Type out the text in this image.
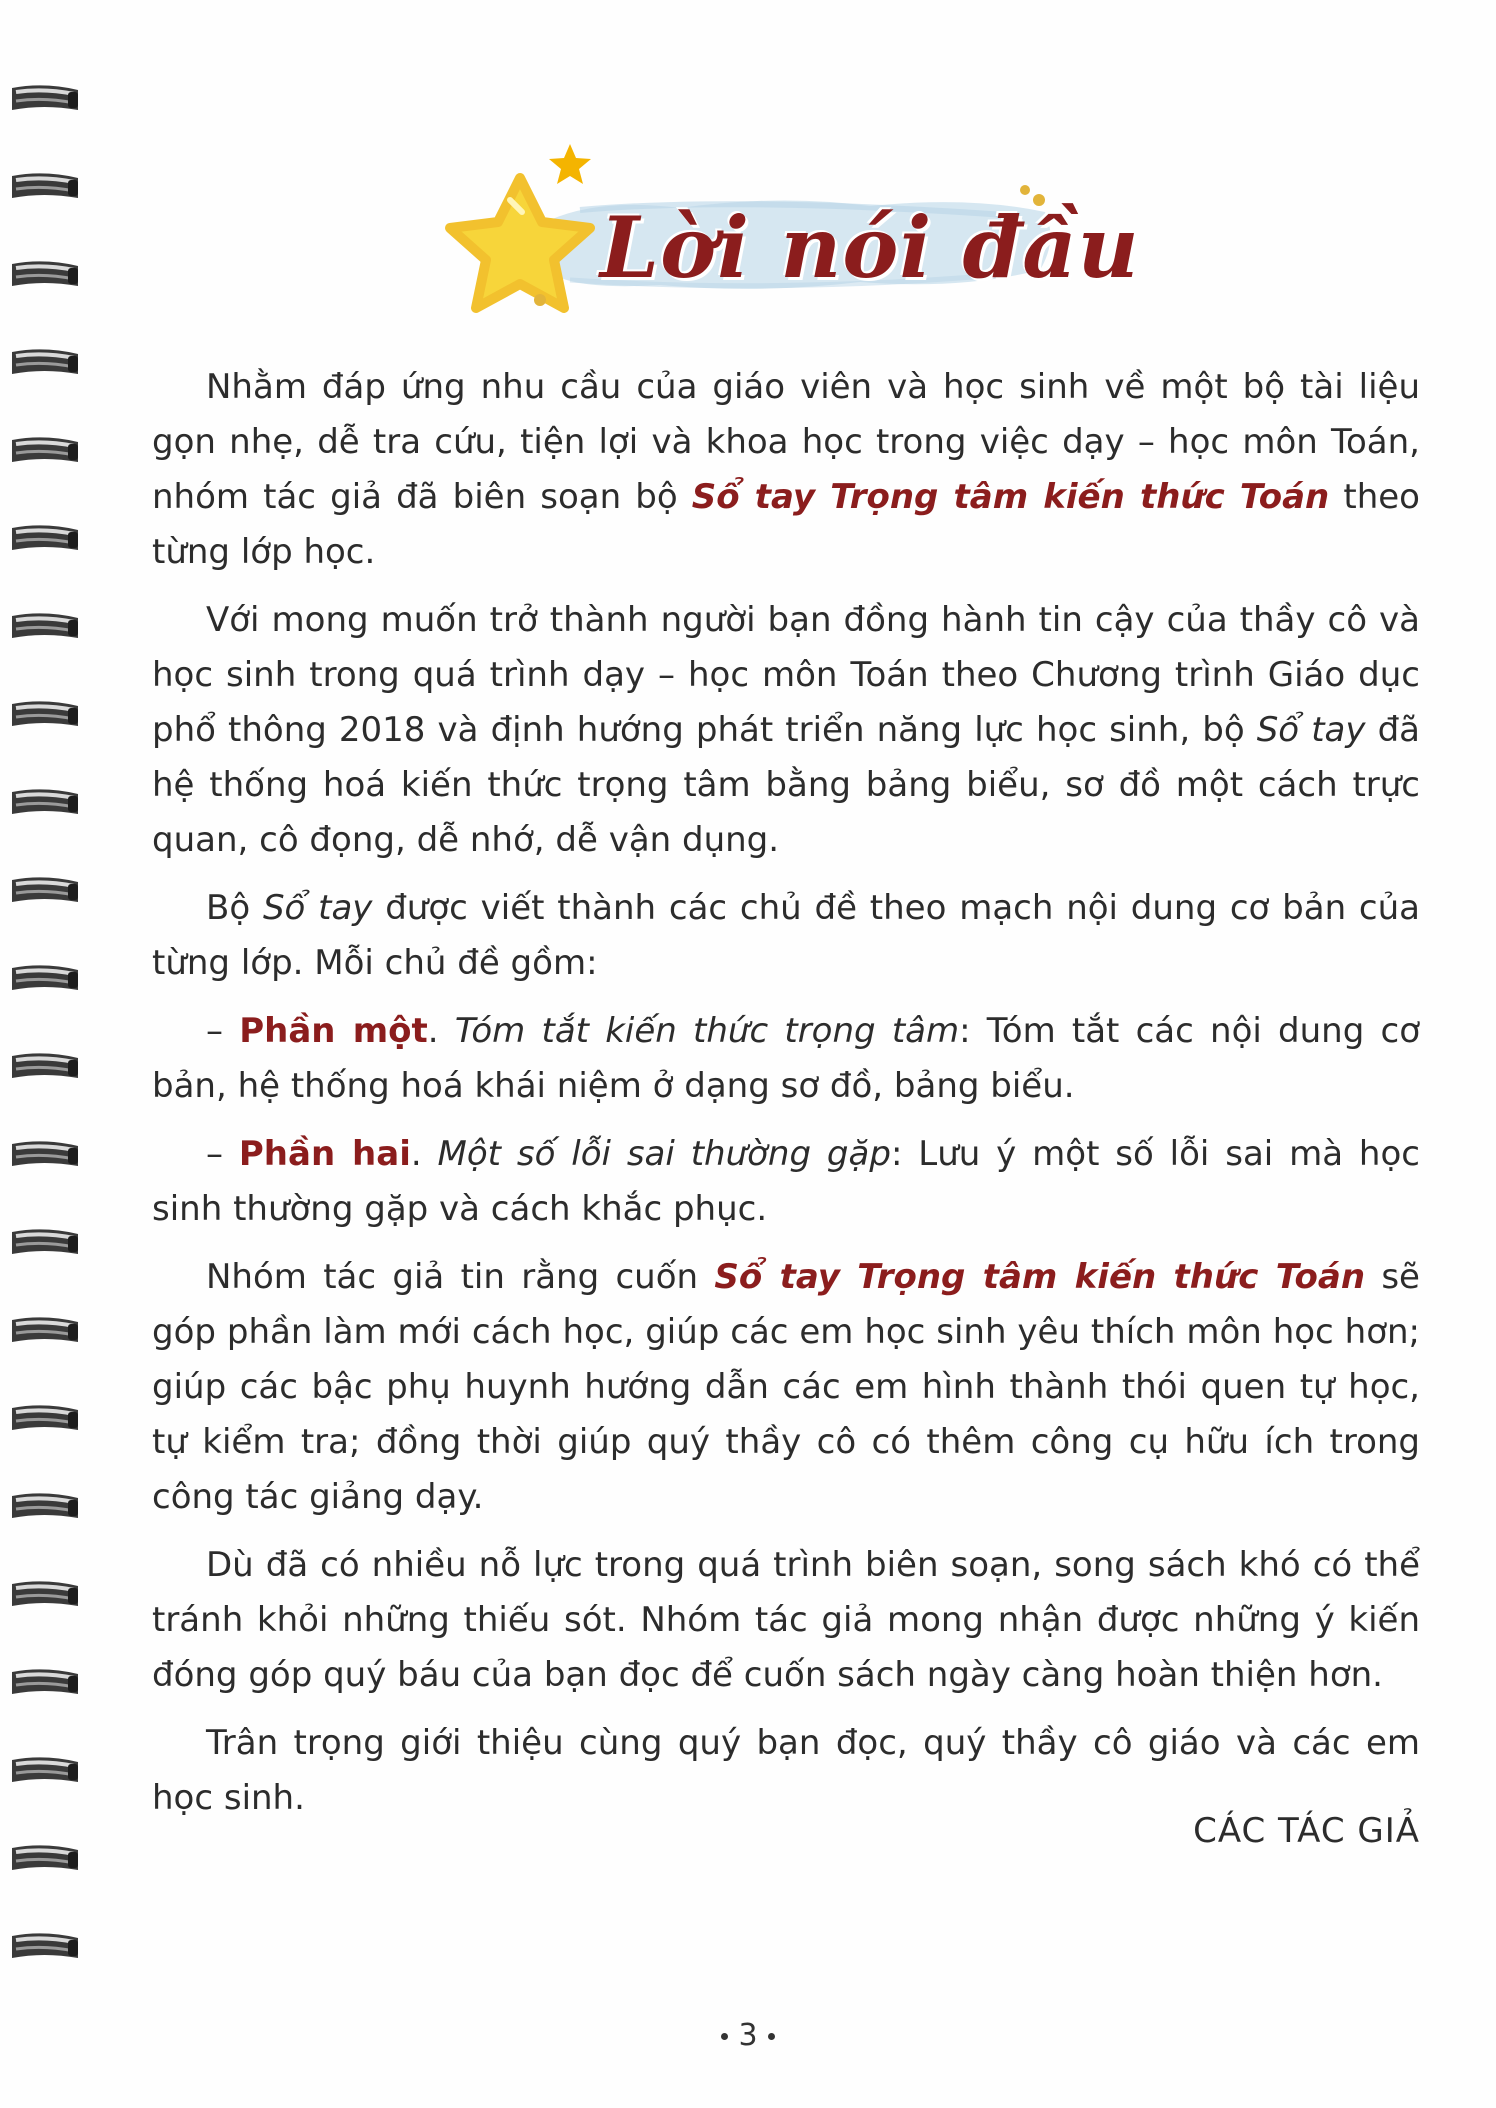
Lời nói đầu

Nhằm đáp ứng nhu cầu của giáo viên và học sinh về một bộ tài liệu gọn nhẹ, dễ tra cứu, tiện lợi và khoa học trong việc dạy – học môn Toán, nhóm tác giả đã biên soạn bộ Sổ tay Trọng tâm kiến thức Toán theo từng lớp học.

Với mong muốn trở thành người bạn đồng hành tin cậy của thầy cô và học sinh trong quá trình dạy – học môn Toán theo Chương trình Giáo dục phổ thông 2018 và định hướng phát triển năng lực học sinh, bộ Sổ tay đã hệ thống hoá kiến thức trọng tâm bằng bảng biểu, sơ đồ một cách trực quan, cô đọng, dễ nhớ, dễ vận dụng.

Bộ Sổ tay được viết thành các chủ đề theo mạch nội dung cơ bản của từng lớp. Mỗi chủ đề gồm:

– Phần một. Tóm tắt kiến thức trọng tâm: Tóm tắt các nội dung cơ bản, hệ thống hoá khái niệm ở dạng sơ đồ, bảng biểu.

– Phần hai. Một số lỗi sai thường gặp: Lưu ý một số lỗi sai mà học sinh thường gặp và cách khắc phục.

Nhóm tác giả tin rằng cuốn Sổ tay Trọng tâm kiến thức Toán sẽ góp phần làm mới cách học, giúp các em học sinh yêu thích môn học hơn; giúp các bậc phụ huynh hướng dẫn các em hình thành thói quen tự học, tự kiểm tra; đồng thời giúp quý thầy cô có thêm công cụ hữu ích trong công tác giảng dạy.

Dù đã có nhiều nỗ lực trong quá trình biên soạn, song sách khó có thể tránh khỏi những thiếu sót. Nhóm tác giả mong nhận được những ý kiến đóng góp quý báu của bạn đọc để cuốn sách ngày càng hoàn thiện hơn.

Trân trọng giới thiệu cùng quý bạn đọc, quý thầy cô giáo và các em học sinh.

CÁC TÁC GIẢ
3
